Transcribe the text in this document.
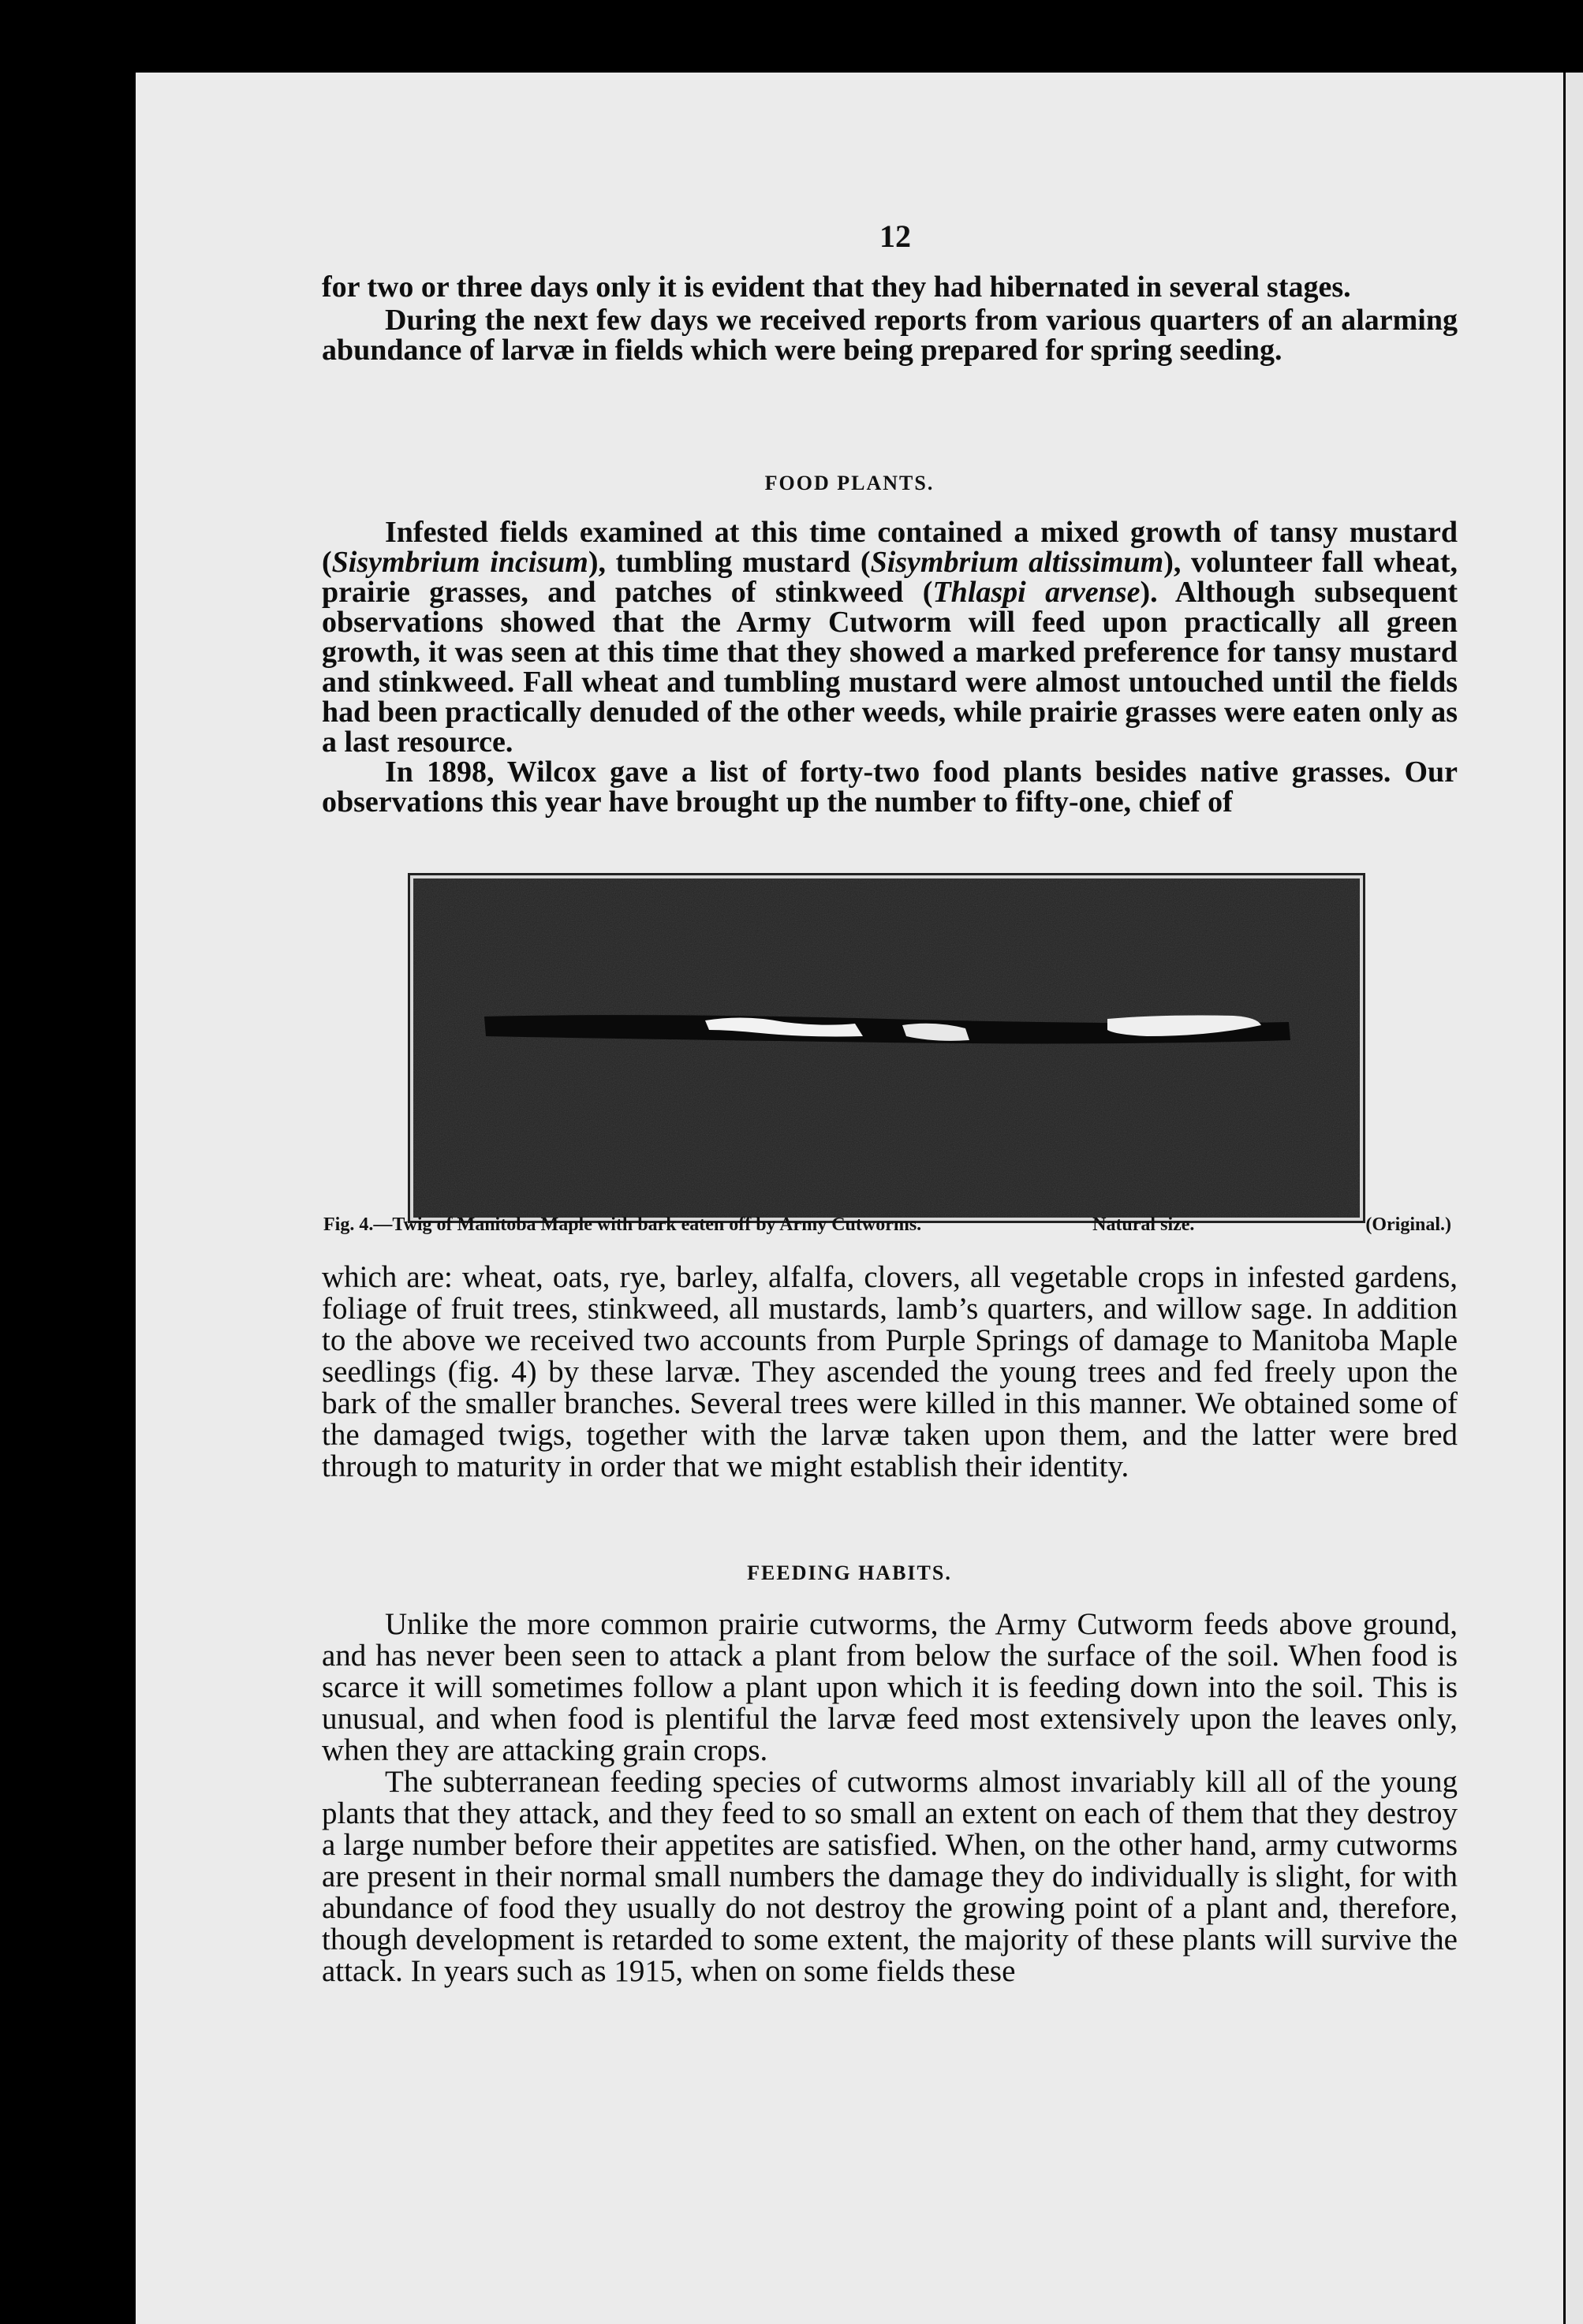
12

for two or three days only it is evident that they had hibernated in several stages.

During the next few days we received reports from various quarters of an alarming abundance of larvæ in fields which were being prepared for spring seeding.

FOOD PLANTS.

Infested fields examined at this time contained a mixed growth of tansy mustard (Sisymbrium incisum), tumbling mustard (Sisymbrium altissimum), volunteer fall wheat, prairie grasses, and patches of stinkweed (Thlaspi arvense). Although subsequent observations showed that the Army Cutworm will feed upon practically all green growth, it was seen at this time that they showed a marked preference for tansy mustard and stinkweed. Fall wheat and tumbling mustard were almost untouched until the fields had been practically denuded of the other weeds, while prairie grasses were eaten only as a last resource.

In 1898, Wilcox gave a list of forty-two food plants besides native grasses. Our observations this year have brought up the number to fifty-one, chief of

Fig. 4.—Twig of Manitoba Maple with bark eaten off by Army Cutworms.	Natural size.	(Original.)

which are: wheat, oats, rye, barley, alfalfa, clovers, all vegetable crops in infested gardens, foliage of fruit trees, stinkweed, all mustards, lamb’s quarters, and willow sage. In addition to the above we received two accounts from Purple Springs of damage to Manitoba Maple seedlings (fig. 4) by these larvæ. They ascended the young trees and fed freely upon the bark of the smaller branches. Several trees were killed in this manner. We obtained some of the damaged twigs, together with the larvæ taken upon them, and the latter were bred through to maturity in order that we might establish their identity.

FEEDING HABITS.

Unlike the more common prairie cutworms, the Army Cutworm feeds above ground, and has never been seen to attack a plant from below the surface of the soil. When food is scarce it will sometimes follow a plant upon which it is feeding down into the soil. This is unusual, and when food is plentiful the larvæ feed most extensively upon the leaves only, when they are attacking grain crops.

The subterranean feeding species of cutworms almost invariably kill all of the young plants that they attack, and they feed to so small an extent on each of them that they destroy a large number before their appetites are satisfied. When, on the other hand, army cutworms are present in their normal small numbers the damage they do individually is slight, for with abundance of food they usually do not destroy the growing point of a plant and, therefore, though development is retarded to some extent, the majority of these plants will survive the attack. In years such as 1915, when on some fields these
